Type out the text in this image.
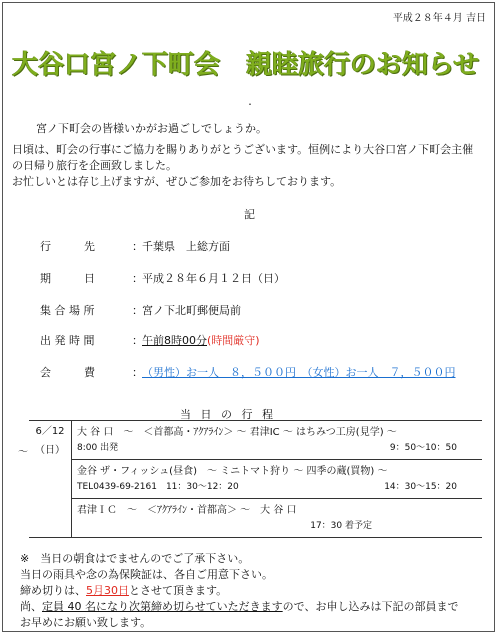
平成２８年４月 吉日
大谷口宮ノ下町会　親睦旅行のお知らせ
・
宮ノ下町会の皆様いかがお過ごしでしょうか。
日頃は、町会の行事にご協力を賜りありがとうございます。恒例により大谷口宮ノ下町会主催
の日帰り旅行を企画致しました。
お忙しいとは存じ上げますが、ぜひご参加をお待ちしております。
記
行　　　先	：千葉県　上総方面
期　　　日	：平成２８年６月１２日（日）
集 合 場 所	：宮ノ下北町郵便局前
出 発 時 間	：午前8時00分(時間厳守)
会　　　費	：（男性）お一人　８，５００円　（女性）お一人　７，５００円
当 日 の 行 程
～
6／12
（日）

大 谷 口　～　＜首都高・ｱｸｱﾗｲﾝ＞ ～ 君津IC ～ はちみつ工房(見学) ～
8:00 出発	9：50～10：50

金谷 ザ・フィッシュ(昼食)　～ ミニトマト狩り ～ 四季の蔵(買物) ～
TEL0439-69-2161　11：30～12：20	14：30～15：20

君津ＩＣ　～　＜ｱｸｱﾗｲﾝ・首都高＞ ～　大 谷 口
17：30 着予定
※　当日の朝食はでませんのでご了承下さい。
当日の雨具や念の為保険証は、各自ご用意下さい。
締め切りは、5月30日とさせて頂きます。
尚、定員 40 名になり次第締め切らせていただきますので、お申し込みは下記の部員まで
お早めにお願い致します。
